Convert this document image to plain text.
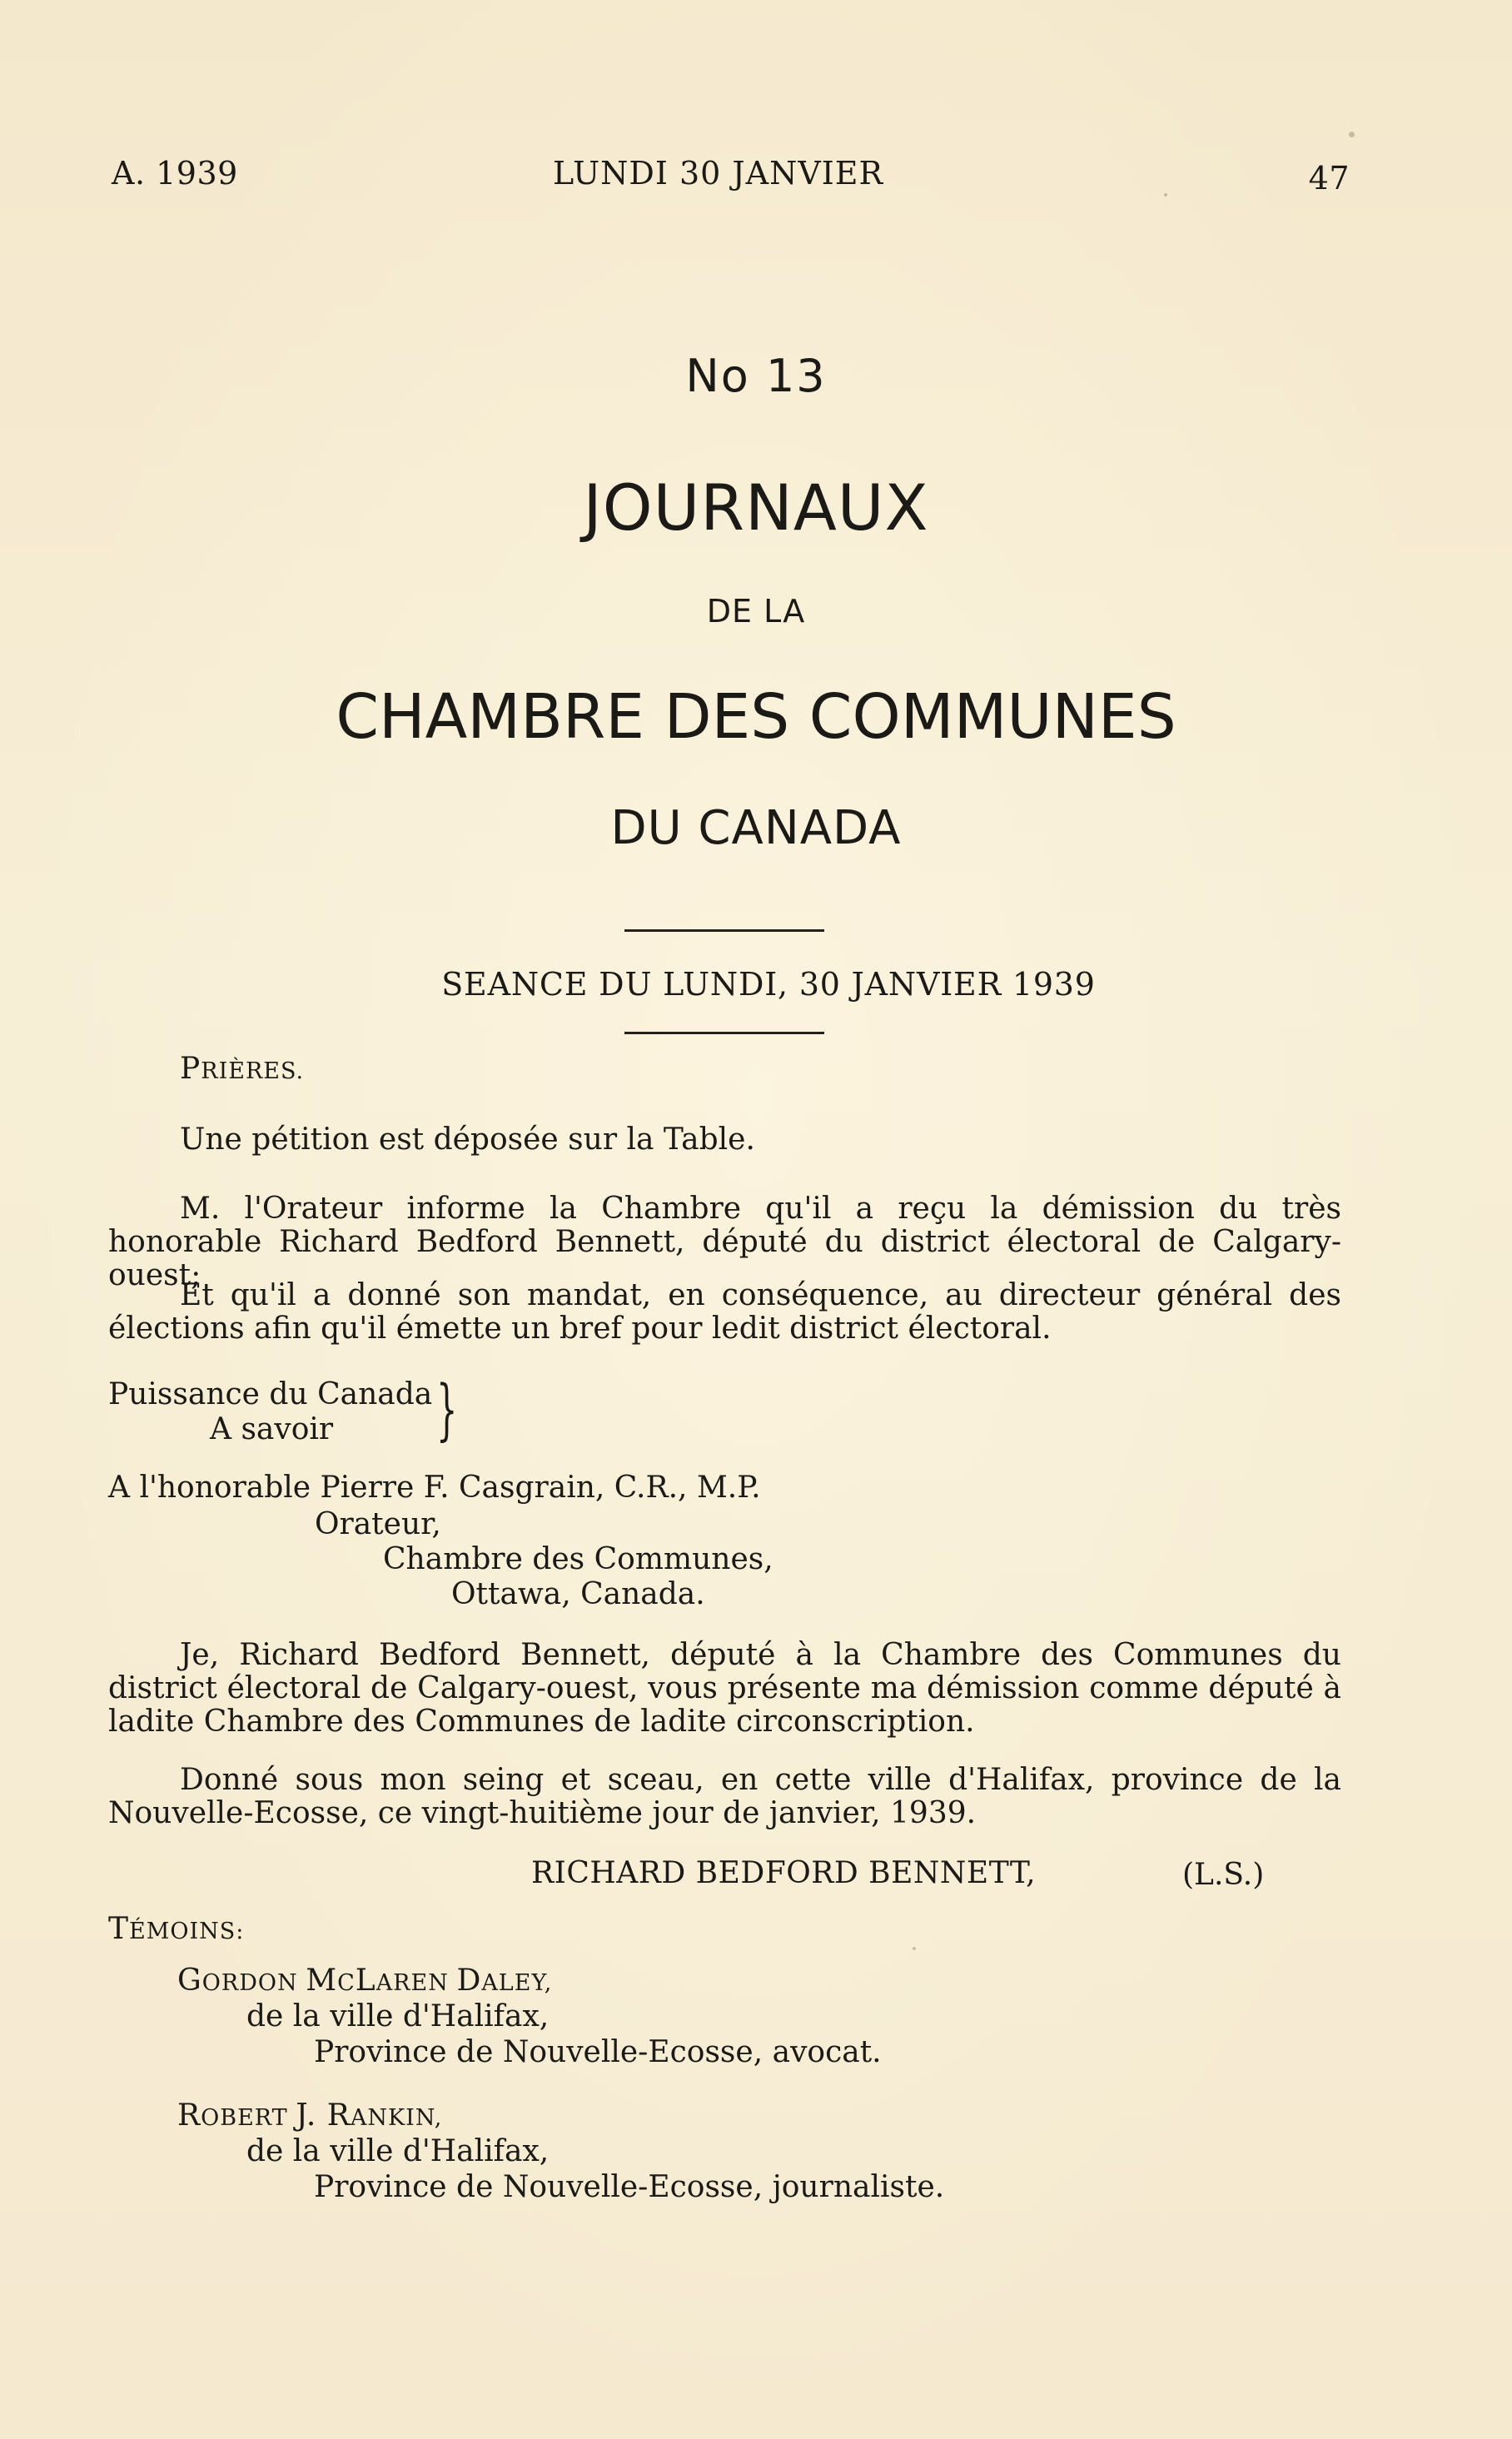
A. 1939	LUNDI 30 JANVIER	47
No 13
JOURNAUX
DE LA
CHAMBRE DES COMMUNES
DU CANADA
SEANCE DU LUNDI, 30 JANVIER 1939
PRIÈRES.
Une pétition est déposée sur la Table.
M. l'Orateur informe la Chambre qu'il a reçu la démission du très honorable Richard Bedford Bennett, député du district électoral de Calgary-ouest;
Et qu'il a donné son mandat, en conséquence, au directeur général des élections afin qu'il émette un bref pour ledit district électoral.
Puissance du Canada
A savoir	}
A l'honorable Pierre F. Casgrain, C.R., M.P.
Orateur,
Chambre des Communes,
Ottawa, Canada.
Je, Richard Bedford Bennett, député à la Chambre des Communes du district électoral de Calgary-ouest, vous présente ma démission comme député à ladite Chambre des Communes de ladite circonscription.
Donné sous mon seing et sceau, en cette ville d'Halifax, province de la Nouvelle-Ecosse, ce vingt-huitième jour de janvier, 1939.
RICHARD BEDFORD BENNETT,	(L.S.)
TÉMOINS:
GORDON MCLAREN DALEY,
de la ville d'Halifax,
Province de Nouvelle-Ecosse, avocat.
ROBERT J. RANKIN,
de la ville d'Halifax,
Province de Nouvelle-Ecosse, journaliste.
